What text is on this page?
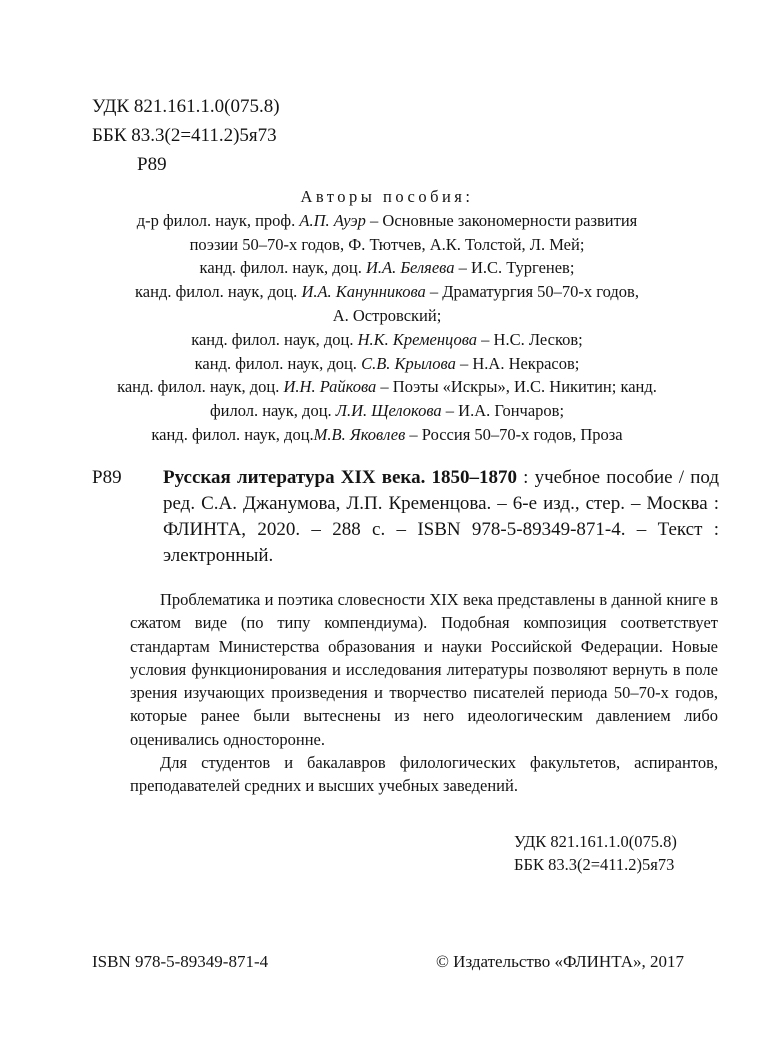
УДК 821.161.1.0(075.8)
ББК 83.3(2=411.2)5я73
Р89
Авторы пособия:
д-р филол. наук, проф. А.П. Ауэр – Основные закономерности развития
поэзии 50–70-х годов, Ф. Тютчев, А.К. Толстой, Л. Мей;
канд. филол. наук, доц. И.А. Беляева – И.С. Тургенев;
канд. филол. наук, доц. И.А. Канунникова – Драматургия 50–70-х годов,
А. Островский;
канд. филол. наук, доц. Н.К. Кременцова – Н.С. Лесков;
канд. филол. наук, доц. С.В. Крылова – Н.А. Некрасов;
канд. филол. наук, доц. И.Н. Райкова – Поэты «Искры», И.С. Никитин; канд.
филол. наук, доц. Л.И. Щелокова – И.А. Гончаров;
канд. филол. наук, доц.М.В. Яковлев – Россия 50–70-х годов, Проза
Р89 Русская литература XIX века. 1850–1870 : учебное пособие / под ред. С.А. Джанумова, Л.П. Кременцова. – 6-е изд., стер. – Москва : ФЛИНТА, 2020. – 288 с. – ISBN 978-5-89349-871-4. – Текст : электронный.

Проблематика и поэтика словесности XIX века представлены в данной книге в сжатом виде (по типу компендиума). Подобная композиция соответствует стандартам Министерства образования и науки Российской Федерации. Новые условия функционирования и исследования литературы позволяют вернуть в поле зрения изучающих произведения и творчество писателей периода 50–70-х годов, которые ранее были вытеснены из него идеологическим давлением либо оценивались односторонне.

Для студентов и бакалавров филологических факультетов, аспирантов, преподавателей средних и высших учебных заведений.

УДК 821.161.1.0(075.8)
ББК 83.3(2=411.2)5я73
ISBN 978-5-89349-871-4	© Издательство «ФЛИНТА», 2017
